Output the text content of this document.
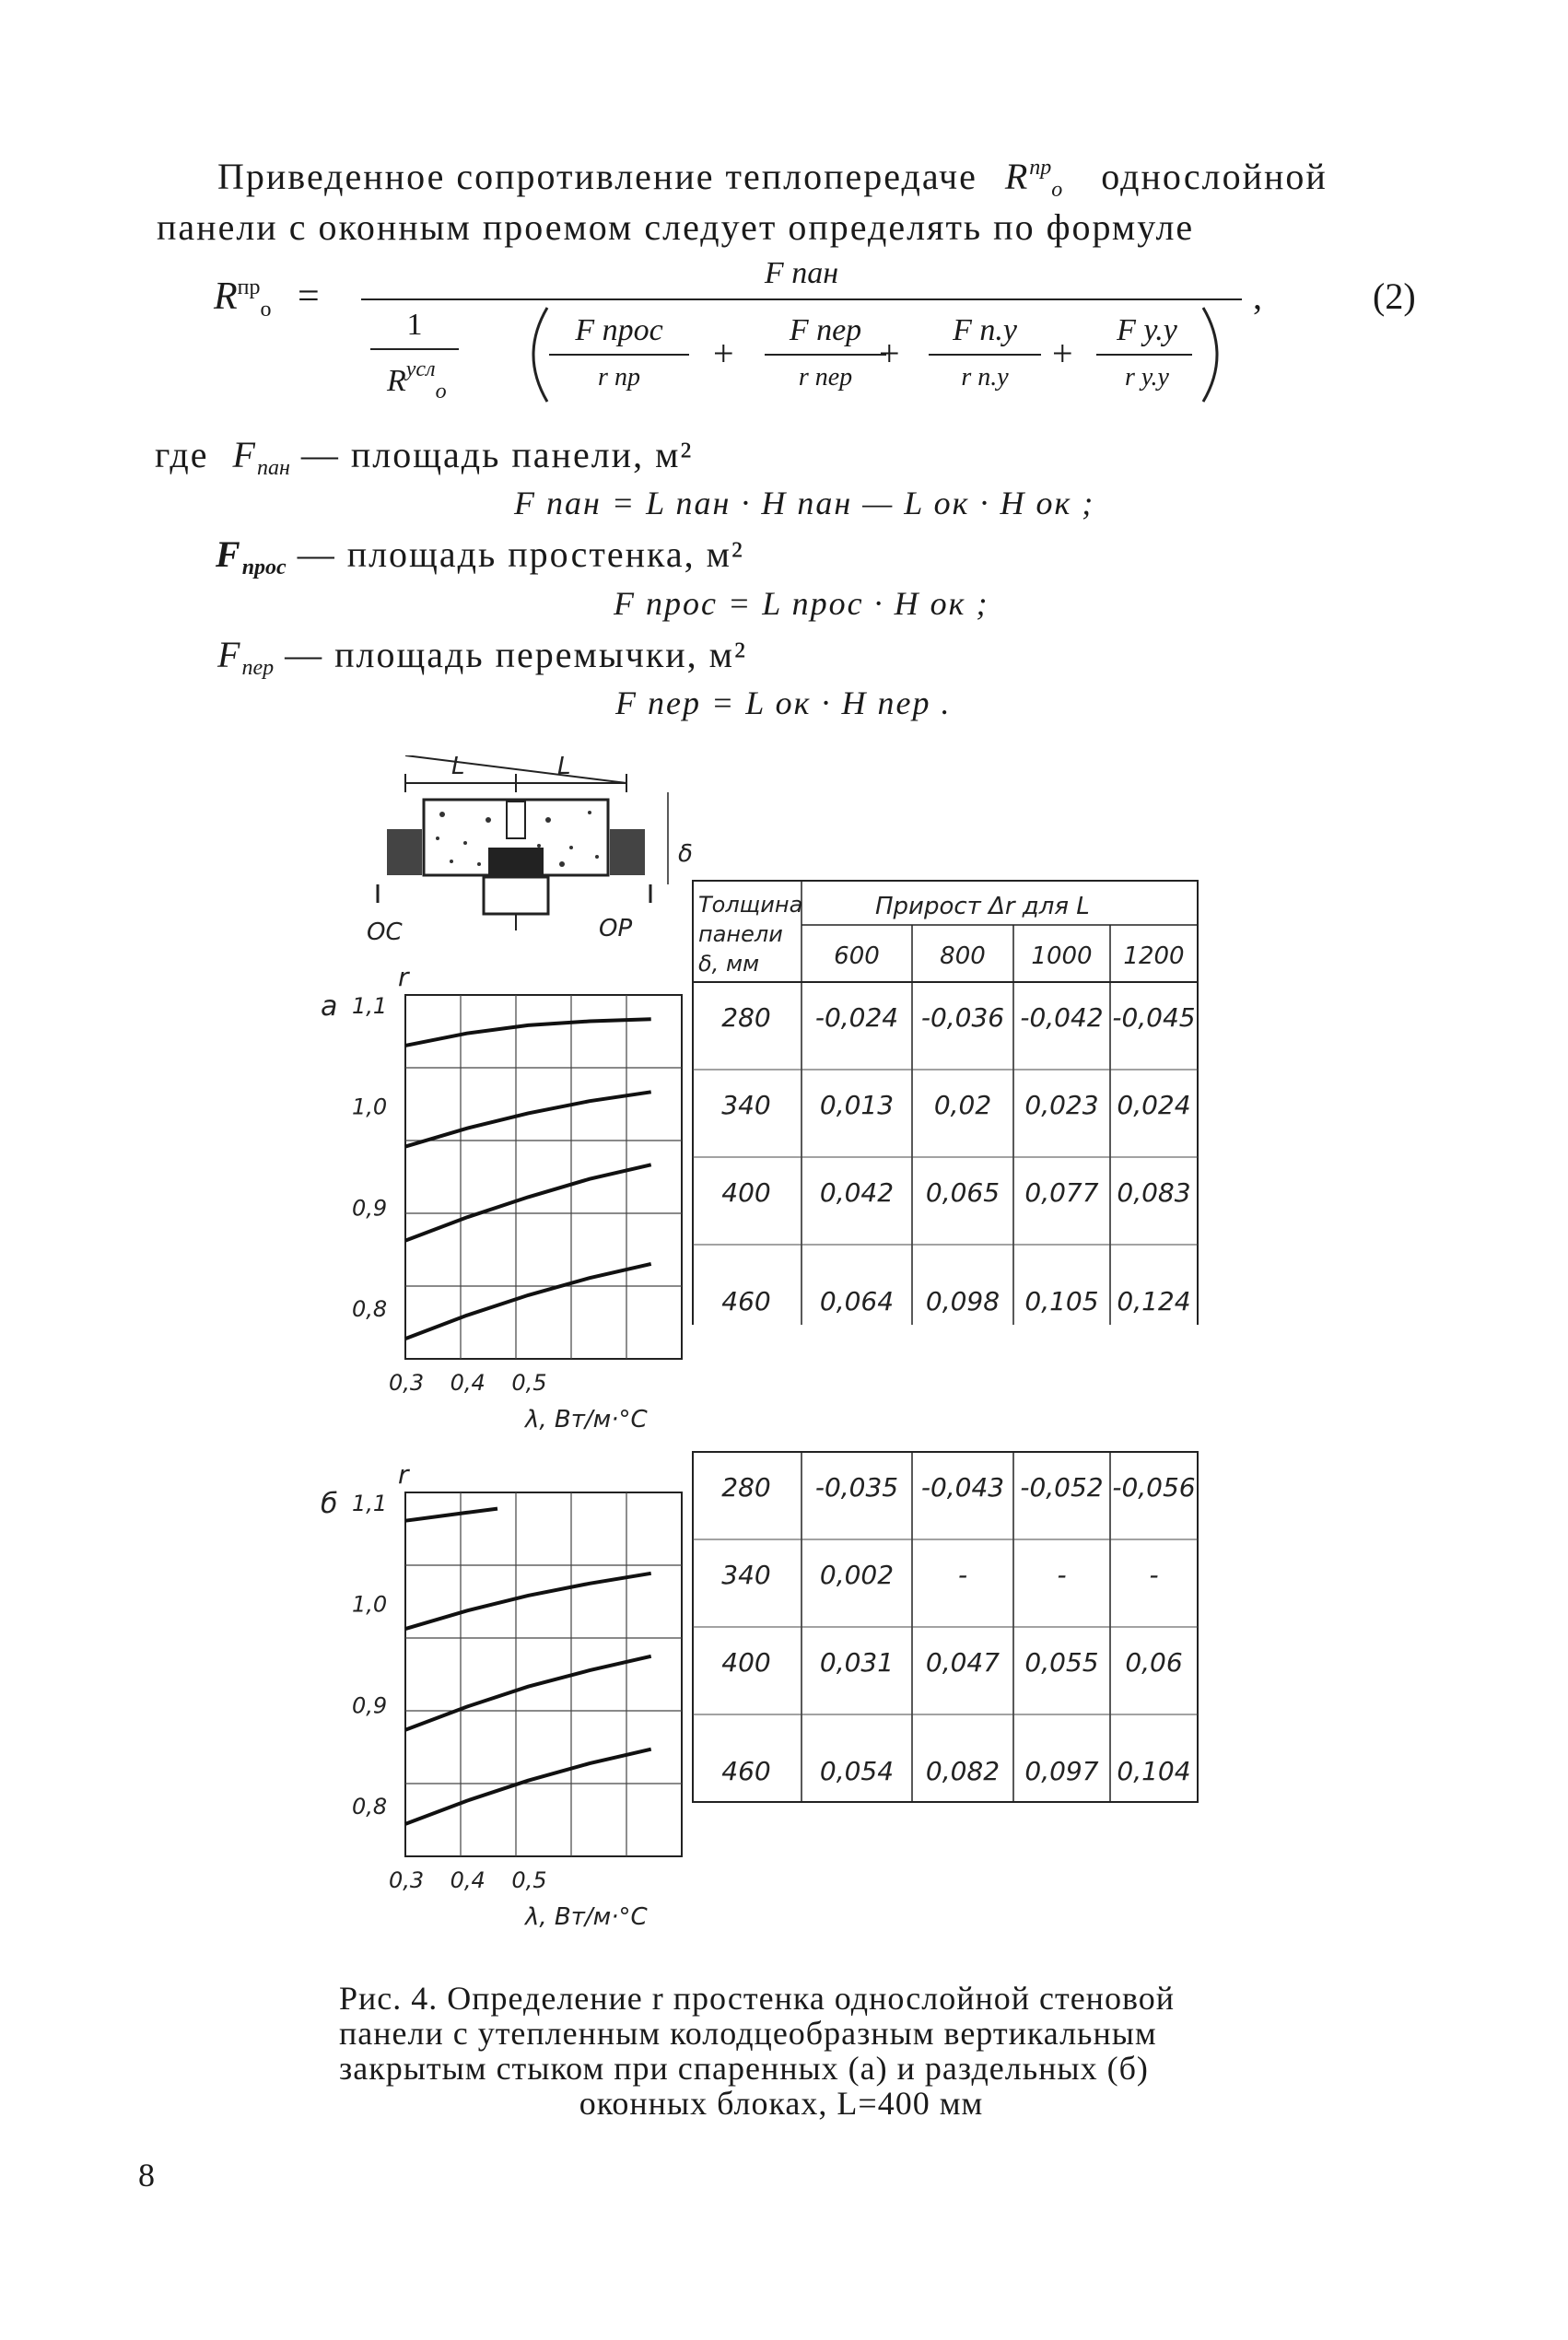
Приведенное сопротивление теплопередаче $R^{пр}_о$ однослойной
панели с оконным проемом следует определять по формуле
$R^{пр}_о$ =
F пан
,	(2)
1
$R^{усл}_о$
F прос
r пр
+
F пер
r пер
+
F п.у
r п.у
+
F у.у
r у.у
где $F_{пан}$ — площадь панели, м²
F пан = L пан · H пан — L ок · H ок ;
$F_{прос}$ — площадь простенка, м²
F прос = L прос · H ок ;
$F_{пер}$ — площадь перемычки, м²
F пер = L ок · H пер .
L	L
δ
ОС	ОР
а
r
1,1
1,0
0,9
0,8
0,3 0,4 0,5
λ, Вт/м·°С
б
r
1,1
1,0
0,9
0,8
0,3 0,4 0,5
λ, Вт/м·°С
Толщина
панели
δ, мм
Прирост Δr для L
600	800 1000 1200
280 -0,024 -0,036 -0,042 -0,045
340 0,013 0,02 0,023 0,024
400 0,042 0,065 0,077 0,083
460 0,064 0,098 0,105 0,124
280 -0,035 -0,043 -0,052 -0,056
340 0,002 -	-	-
400 0,031 0,047 0,055 0,06
460 0,054 0,082 0,097 0,104
Рис. 4. Определение r простенка однослойной стеновой
панели с утепленным колодцеобразным вертикальным
закрытым стыком при спаренных (а) и раздельных (б)
оконных блоках, L=400 мм
8
